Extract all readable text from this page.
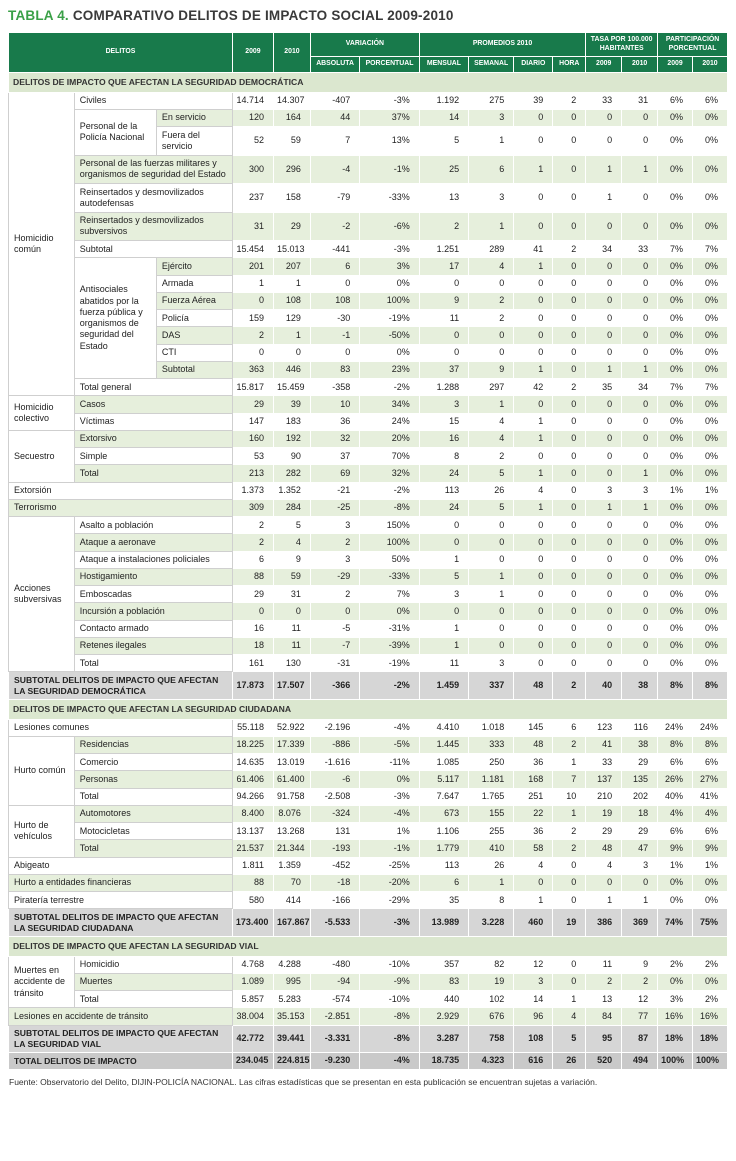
TABLA 4. COMPARATIVO DELITOS DE IMPACTO SOCIAL 2009-2010
DELITOS			2009	2010	VARIACIÓN		PROMEDIOS 2010				TASA POR 100.000 HABITANTES		PARTICIPACIÓN PORCENTUAL	
					ABSOLUTA	PORCENTUAL	MENSUAL	SEMANAL	DIARIO	HORA	2009	2010	2009	2010
DELITOS DE IMPACTO QUE AFECTAN LA SEGURIDAD DEMOCRÁTICA														
Homicidio común	Civiles		14.714	14.307	-407	-3%	1.192	275	39	2	33	31	6%	6%
	Personal de la Policía Nacional	En servicio	120	164	44	37%	14	3	0	0	0	0	0%	0%
		Fuera del servicio	52	59	7	13%	5	1	0	0	0	0	0%	0%
	Personal de las fuerzas militares y organismos de seguridad del Estado		300	296	-4	-1%	25	6	1	0	1	1	0%	0%
	Reinsertados y desmovilizados autodefensas		237	158	-79	-33%	13	3	0	0	1	0	0%	0%
	Reinsertados y desmovilizados subversivos		31	29	-2	-6%	2	1	0	0	0	0	0%	0%
	Subtotal		15.454	15.013	-441	-3%	1.251	289	41	2	34	33	7%	7%
	Antisociales abatidos por la fuerza pública y organismos de seguridad del Estado	Ejército	201	207	6	3%	17	4	1	0	0	0	0%	0%
		Armada	1	1	0	0%	0	0	0	0	0	0	0%	0%
		Fuerza Aérea	0	108	108	100%	9	2	0	0	0	0	0%	0%
		Policía	159	129	-30	-19%	11	2	0	0	0	0	0%	0%
		DAS	2	1	-1	-50%	0	0	0	0	0	0	0%	0%
		CTI	0	0	0	0%	0	0	0	0	0	0	0%	0%
		Subtotal	363	446	83	23%	37	9	1	0	1	1	0%	0%
	Total general		15.817	15.459	-358	-2%	1.288	297	42	2	35	34	7%	7%
Homicidio colectivo	Casos		29	39	10	34%	3	1	0	0	0	0	0%	0%
	Víctimas		147	183	36	24%	15	4	1	0	0	0	0%	0%
Secuestro	Extorsivo		160	192	32	20%	16	4	1	0	0	0	0%	0%
	Simple		53	90	37	70%	8	2	0	0	0	0	0%	0%
	Total		213	282	69	32%	24	5	1	0	0	1	0%	0%
Extorsión			1.373	1.352	-21	-2%	113	26	4	0	3	3	1%	1%
Terrorismo			309	284	-25	-8%	24	5	1	0	1	1	0%	0%
Acciones subversivas	Asalto a población		2	5	3	150%	0	0	0	0	0	0	0%	0%
	Ataque a aeronave		2	4	2	100%	0	0	0	0	0	0	0%	0%
	Ataque a instalaciones policiales		6	9	3	50%	1	0	0	0	0	0	0%	0%
	Hostigamiento		88	59	-29	-33%	5	1	0	0	0	0	0%	0%
	Emboscadas		29	31	2	7%	3	1	0	0	0	0	0%	0%
	Incursión a población		0	0	0	0%	0	0	0	0	0	0	0%	0%
	Contacto armado		16	11	-5	-31%	1	0	0	0	0	0	0%	0%
	Retenes ilegales		18	11	-7	-39%	1	0	0	0	0	0	0%	0%
	Total		161	130	-31	-19%	11	3	0	0	0	0	0%	0%
SUBTOTAL DELITOS DE IMPACTO QUE AFECTAN LA SEGURIDAD DEMOCRÁTICA			17.873	17.507	-366	-2%	1.459	337	48	2	40	38	8%	8%
DELITOS DE IMPACTO QUE AFECTAN LA SEGURIDAD CIUDADANA														
Lesiones comunes			55.118	52.922	-2.196	-4%	4.410	1.018	145	6	123	116	24%	24%
Hurto común	Residencias		18.225	17.339	-886	-5%	1.445	333	48	2	41	38	8%	8%
	Comercio		14.635	13.019	-1.616	-11%	1.085	250	36	1	33	29	6%	6%
	Personas		61.406	61.400	-6	0%	5.117	1.181	168	7	137	135	26%	27%
	Total		94.266	91.758	-2.508	-3%	7.647	1.765	251	10	210	202	40%	41%
Hurto de vehículos	Automotores		8.400	8.076	-324	-4%	673	155	22	1	19	18	4%	4%
	Motocicletas		13.137	13.268	131	1%	1.106	255	36	2	29	29	6%	6%
	Total		21.537	21.344	-193	-1%	1.779	410	58	2	48	47	9%	9%
Abigeato			1.811	1.359	-452	-25%	113	26	4	0	4	3	1%	1%
Hurto a entidades financieras			88	70	-18	-20%	6	1	0	0	0	0	0%	0%
Piratería terrestre			580	414	-166	-29%	35	8	1	0	1	1	0%	0%
SUBTOTAL DELITOS DE IMPACTO QUE AFECTAN LA SEGURIDAD CIUDADANA			173.400	167.867	-5.533	-3%	13.989	3.228	460	19	386	369	74%	75%
DELITOS DE IMPACTO QUE AFECTAN LA SEGURIDAD VIAL														
Muertes en accidente de tránsito	Homicidio		4.768	4.288	-480	-10%	357	82	12	0	11	9	2%	2%
	Muertes		1.089	995	-94	-9%	83	19	3	0	2	2	0%	0%
	Total		5.857	5.283	-574	-10%	440	102	14	1	13	12	3%	2%
Lesiones en accidente de tránsito			38.004	35.153	-2.851	-8%	2.929	676	96	4	84	77	16%	16%
SUBTOTAL DELITOS DE IMPACTO QUE AFECTAN LA SEGURIDAD VIAL			42.772	39.441	-3.331	-8%	3.287	758	108	5	95	87	18%	18%
TOTAL DELITOS DE IMPACTO			234.045	224.815	-9.230	-4%	18.735	4.323	616	26	520	494	100%	100%

Fuente: Observatorio del Delito, DIJIN-POLICÍA NACIONAL. Las cifras estadísticas que se presentan en esta publicación se encuentran sujetas a variación.
